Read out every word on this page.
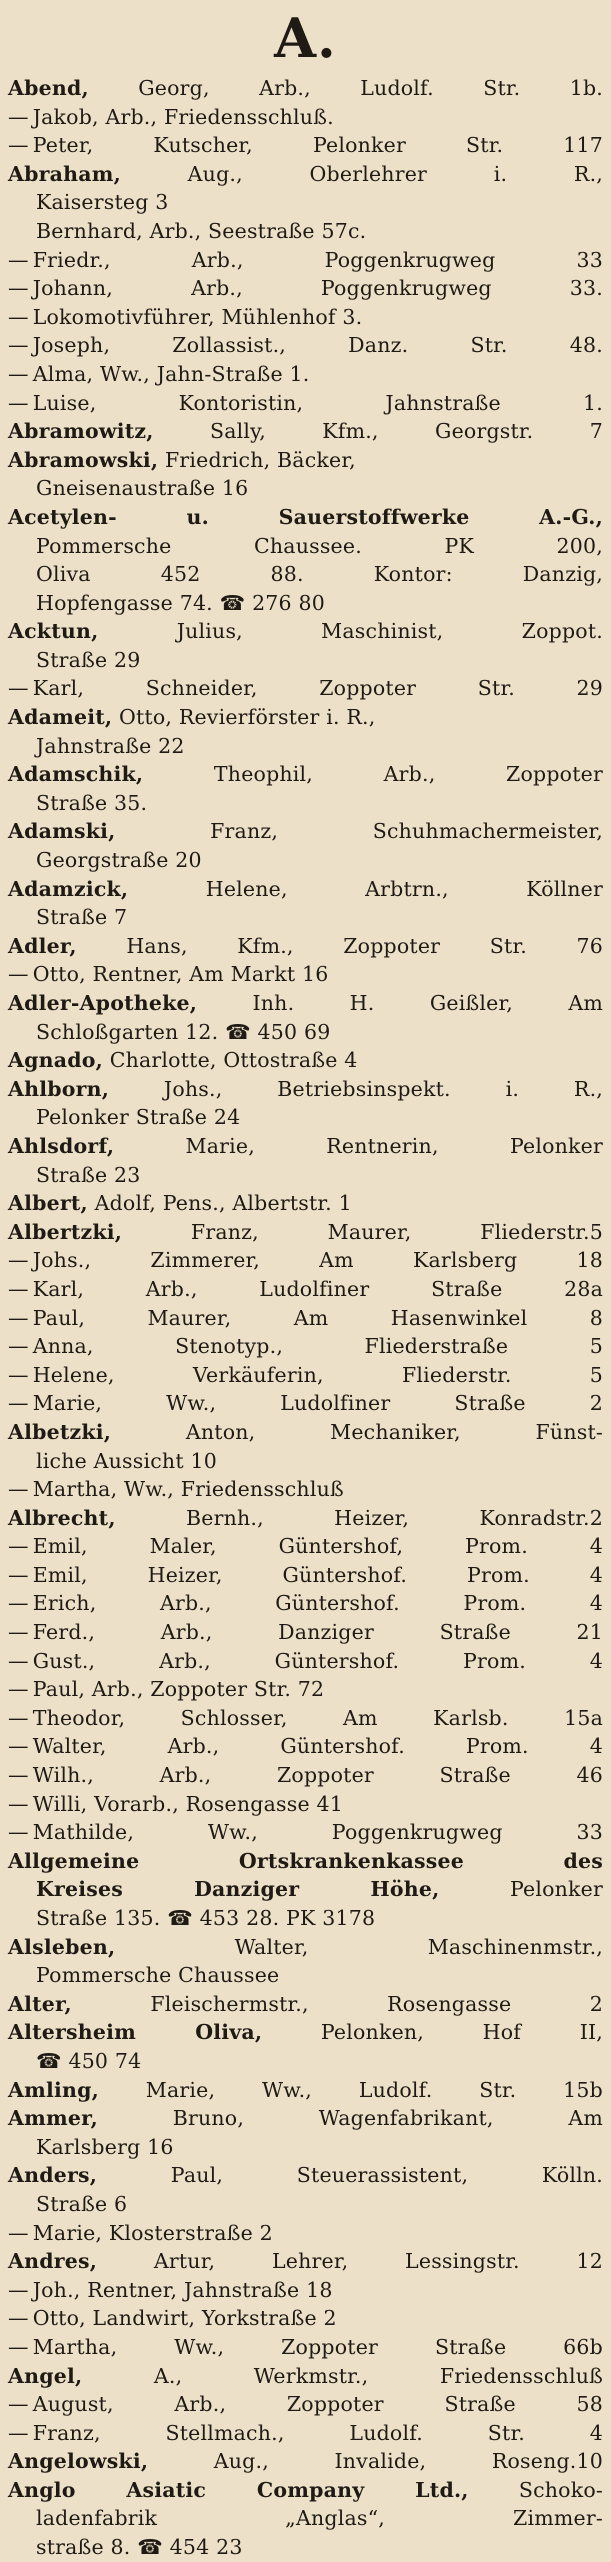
A.
Abend, Georg, Arb., Ludolf. Str. 1b.
— Jakob, Arb., Friedensschluß.
— Peter, Kutscher, Pelonker Str. 117
Abraham,	Aug., Oberlehrer i. R.,
Kaisersteg 3
Bernhard, Arb., Seestraße 57c.
— Friedr., Arb., Poggenkrugweg 33
— Johann, Arb., Poggenkrugweg 33.
— Lokomotivführer, Mühlenhof 3.
— Joseph, Zollassist., Danz. Str. 48.
— Alma, Ww., Jahn-Straße 1.
— Luise, Kontoristin, Jahnstraße 1.
Abramowitz,	Sally, Kfm., Georgstr. 7
Abramowski, Friedrich, Bäcker,
Gneisenaustraße 16
Acetylen- u. Sauerstoffwerke A.-G.,
Pommersche Chaussee. PK 200,
Oliva 452 88. Kontor: Danzig,
Hopfengasse 74. ☎ 276 80
Acktun,	Julius, Maschinist, Zoppot.
Straße 29
— Karl, Schneider, Zoppoter Str. 29
Adameit, Otto, Revierförster i. R.,
Jahnstraße 22
Adamschik,	Theophil, Arb., Zoppoter
Straße 35.
Adamski,	Franz, Schuhmachermeister,
Georgstraße 20
Adamzick,	Helene, Arbtrn., Köllner
Straße 7
Adler, Hans, Kfm., Zoppoter Str. 76
— Otto, Rentner, Am Markt 16
Adler-Apotheke,	Inh. H. Geißler, Am
Schloßgarten 12. ☎ 450 69
Agnado, Charlotte, Ottostraße 4
Ahlborn,	Johs., Betriebsinspekt. i. R.,
Pelonker Straße 24
Ahlsdorf,	Marie, Rentnerin, Pelonker
Straße 23
Albert, Adolf, Pens., Albertstr. 1
Albertzki,	Franz, Maurer, Fliederstr.5
— Johs., Zimmerer, Am Karlsberg 18
— Karl, Arb., Ludolfiner Straße 28a
— Paul, Maurer, Am Hasenwinkel 8
— Anna, Stenotyp., Fliederstraße 5
— Helene, Verkäuferin, Fliederstr. 5
— Marie, Ww., Ludolfiner Straße 2
Albetzki,	Anton, Mechaniker, Fünst-
liche Aussicht 10
— Martha, Ww., Friedensschluß
Albrecht,	Bernh., Heizer, Konradstr.2
— Emil, Maler, Güntershof, Prom. 4
— Emil, Heizer, Güntershof. Prom. 4
— Erich, Arb., Güntershof. Prom. 4
— Ferd., Arb., Danziger Straße 21
— Gust., Arb., Güntershof. Prom. 4
— Paul, Arb., Zoppoter Str. 72
— Theodor, Schlosser, Am Karlsb. 15a
— Walter, Arb., Güntershof. Prom. 4
— Wilh., Arb., Zoppoter Straße 46
— Willi, Vorarb., Rosengasse 41
— Mathilde, Ww., Poggenkrugweg 33
Allgemeine Ortskrankenkassee des
Kreises Danziger Höhe,	Pelonker
Straße 135. ☎ 453 28. PK 3178
Alsleben,	Walter, Maschinenmstr.,
Pommersche Chaussee
Alter,	Fleischermstr., Rosengasse 2
Altersheim Oliva,	Pelonken, Hof II,
☎ 450 74
Amling, Marie, Ww., Ludolf. Str. 15b
Ammer,	Bruno, Wagenfabrikant, Am
Karlsberg 16
Anders,	Paul, Steuerassistent, Kölln.
Straße 6
— Marie, Klosterstraße 2
Andres,	Artur, Lehrer, Lessingstr. 12
— Joh., Rentner, Jahnstraße 18
— Otto, Landwirt, Yorkstraße 2
— Martha, Ww., Zoppoter Straße 66b
Angel,	A., Werkmstr., Friedensschluß
— August, Arb., Zoppoter Straße 58
— Franz, Stellmach., Ludolf. Str. 4
Angelowski,	Aug., Invalide, Roseng.10
Anglo Asiatic Company Ltd., Schoko-
ladenfabrik „Anglas“, Zimmer-
straße 8. ☎ 454 23
